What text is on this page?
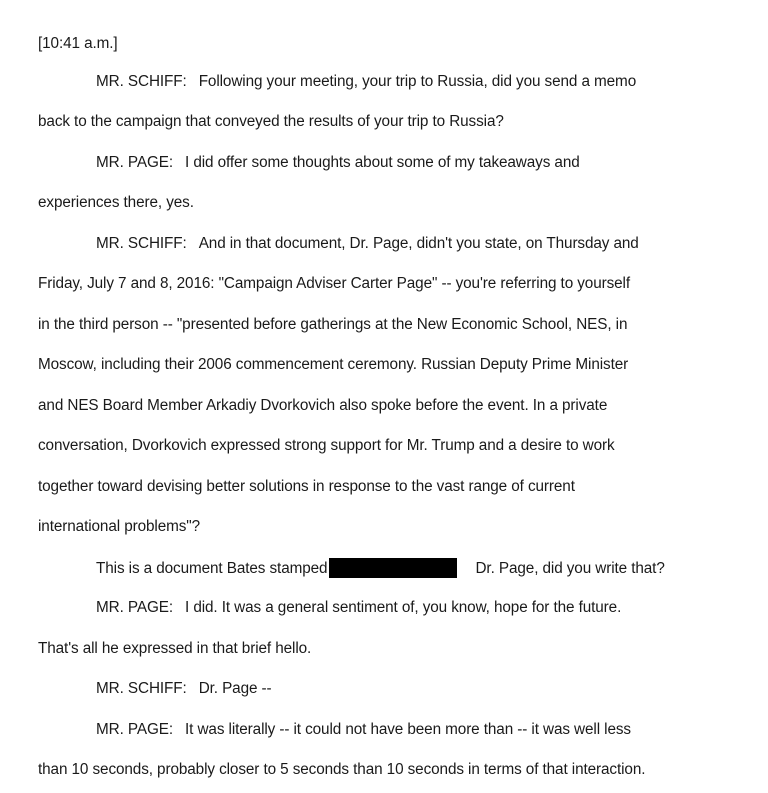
[10:41 a.m.]
MR. SCHIFF: Following your meeting, your trip to Russia, did you send a memo
back to the campaign that conveyed the results of your trip to Russia?
MR. PAGE: I did offer some thoughts about some of my takeaways and
experiences there, yes.
MR. SCHIFF: And in that document, Dr. Page, didn't you state, on Thursday and
Friday, July 7 and 8, 2016: "Campaign Adviser Carter Page" -- you're referring to yourself
in the third person -- "presented before gatherings at the New Economic School, NES, in
Moscow, including their 2006 commencement ceremony. Russian Deputy Prime Minister
and NES Board Member Arkadiy Dvorkovich also spoke before the event. In a private
conversation, Dvorkovich expressed strong support for Mr. Trump and a desire to work
together toward devising better solutions in response to the vast range of current
international problems"?
This is a document Bates stamped	Dr. Page, did you write that?
MR. PAGE: I did. It was a general sentiment of, you know, hope for the future.
That's all he expressed in that brief hello.
MR. SCHIFF: Dr. Page --
MR. PAGE: It was literally -- it could not have been more than -- it was well less
than 10 seconds, probably closer to 5 seconds than 10 seconds in terms of that interaction.
